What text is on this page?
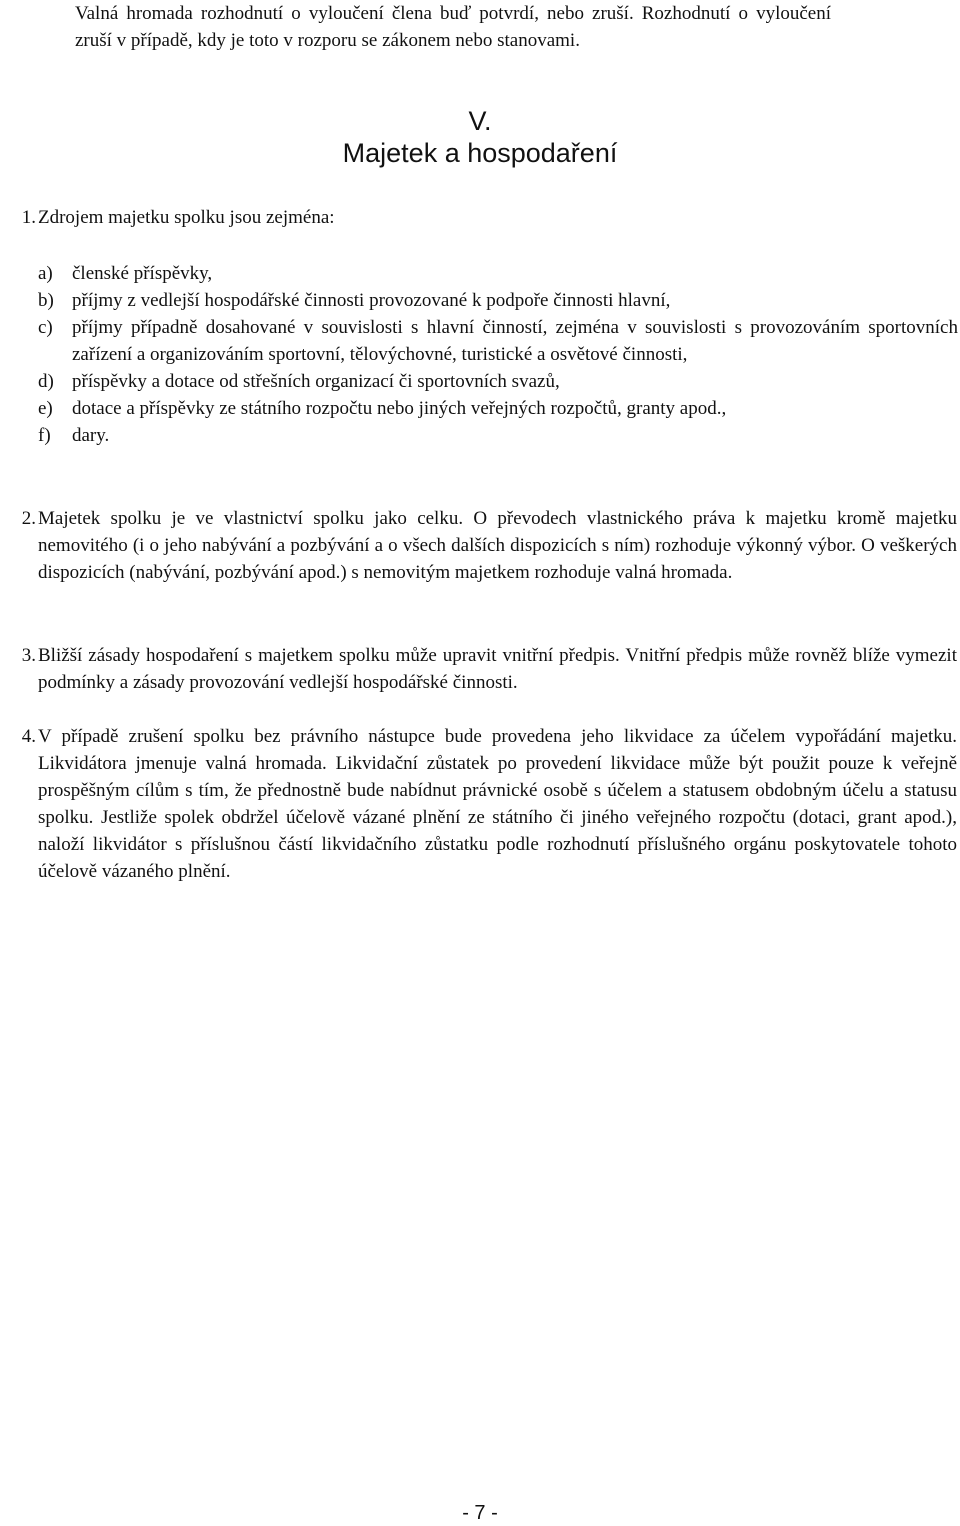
Valná hromada rozhodnutí o vyloučení člena buď potvrdí, nebo zruší. Rozhodnutí o vyloučení zruší v případě, kdy je toto v rozporu se zákonem nebo stanovami.
V.
Majetek a hospodaření
1. Zdrojem majetku spolku jsou zejména:
a) členské příspěvky,
b) příjmy z vedlejší hospodářské činnosti provozované k podpoře činnosti hlavní,
c) příjmy případně dosahované v souvislosti s hlavní činností, zejména v souvislosti s provozováním sportovních zařízení a organizováním sportovní, tělovýchovné, turistické a osvětové činnosti,
d) příspěvky a dotace od střešních organizací či sportovních svazů,
e) dotace a příspěvky ze státního rozpočtu nebo jiných veřejných rozpočtů, granty apod.,
f) dary.
2. Majetek spolku je ve vlastnictví spolku jako celku. O převodech vlastnického práva k majetku kromě majetku nemovitého (i o jeho nabývání a pozbývání a o všech dalších dispozicích s ním) rozhoduje výkonný výbor. O veškerých dispozicích (nabývání, pozbývání apod.) s nemovitým majetkem rozhoduje valná hromada.
3. Bližší zásady hospodaření s majetkem spolku může upravit vnitřní předpis. Vnitřní předpis může rovněž blíže vymezit podmínky a zásady provozování vedlejší hospodářské činnosti.
4. V případě zrušení spolku bez právního nástupce bude provedena jeho likvidace za účelem vypořádání majetku. Likvidátora jmenuje valná hromada. Likvidační zůstatek po provedení likvidace může být použit pouze k veřejně prospěšným cílům s tím, že přednostně bude nabídnut právnické osobě s účelem a statusem obdobným účelu a statusu spolku. Jestliže spolek obdržel účelově vázané plnění ze státního či jiného veřejného rozpočtu (dotaci, grant apod.), naloží likvidátor s příslušnou částí likvidačního zůstatku podle rozhodnutí příslušného orgánu poskytovatele tohoto účelově vázaného plnění.
- 7 -
